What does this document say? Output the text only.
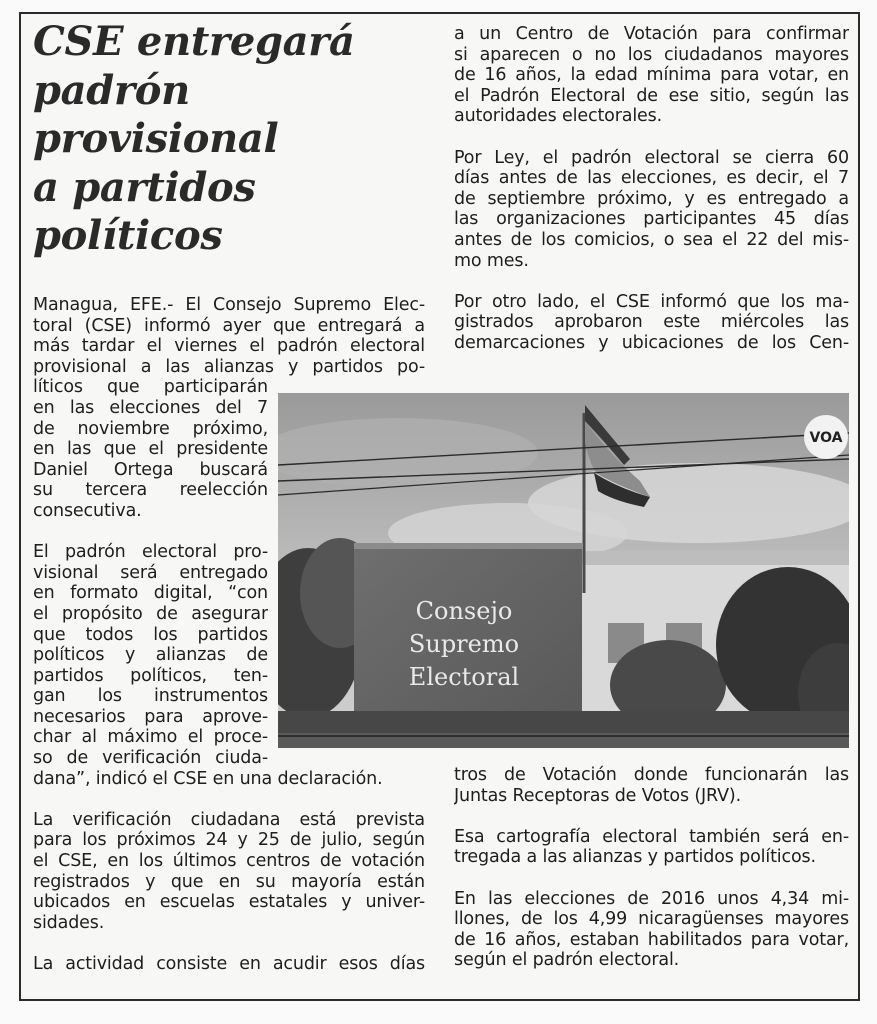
CSE entregará
padrón
provisional
a partidos
políticos

Managua, EFE.- El Consejo Supremo Elec-
toral (CSE) informó ayer que entregará a
más tardar el viernes el padrón electoral
provisional a las alianzas y partidos po-
líticos que participarán
en las elecciones del 7
de noviembre próximo,
en las que el presidente
Daniel Ortega buscará
su tercera reelección
consecutiva.

El padrón electoral pro-
visional será entregado
en formato digital, “con
el propósito de asegurar
que todos los partidos
políticos y alianzas de
partidos políticos, ten-
gan los instrumentos
necesarios para aprove-
char al máximo el proce-
so de verificación ciuda-
dana”, indicó el CSE en una declaración.

La verificación ciudadana está prevista
para los próximos 24 y 25 de julio, según
el CSE, en los últimos centros de votación
registrados y que en su mayoría están
ubicados en escuelas estatales y univer-
sidades.

La actividad consiste en acudir esos días

a un Centro de Votación para confirmar
si aparecen o no los ciudadanos mayores
de 16 años, la edad mínima para votar, en
el Padrón Electoral de ese sitio, según las
autoridades electorales.

Por Ley, el padrón electoral se cierra 60
días antes de las elecciones, es decir, el 7
de septiembre próximo, y es entregado a
las organizaciones participantes 45 días
antes de los comicios, o sea el 22 del mis-
mo mes.

Por otro lado, el CSE informó que los ma-
gistrados aprobaron este miércoles las
demarcaciones y ubicaciones de los Cen-

Consejo
Supremo
Electoral
VOA

tros de Votación donde funcionarán las
Juntas Receptoras de Votos (JRV).

Esa cartografía electoral también será en-
tregada a las alianzas y partidos políticos.

En las elecciones de 2016 unos 4,34 mi-
llones, de los 4,99 nicaragüenses mayores
de 16 años, estaban habilitados para votar,
según el padrón electoral.
